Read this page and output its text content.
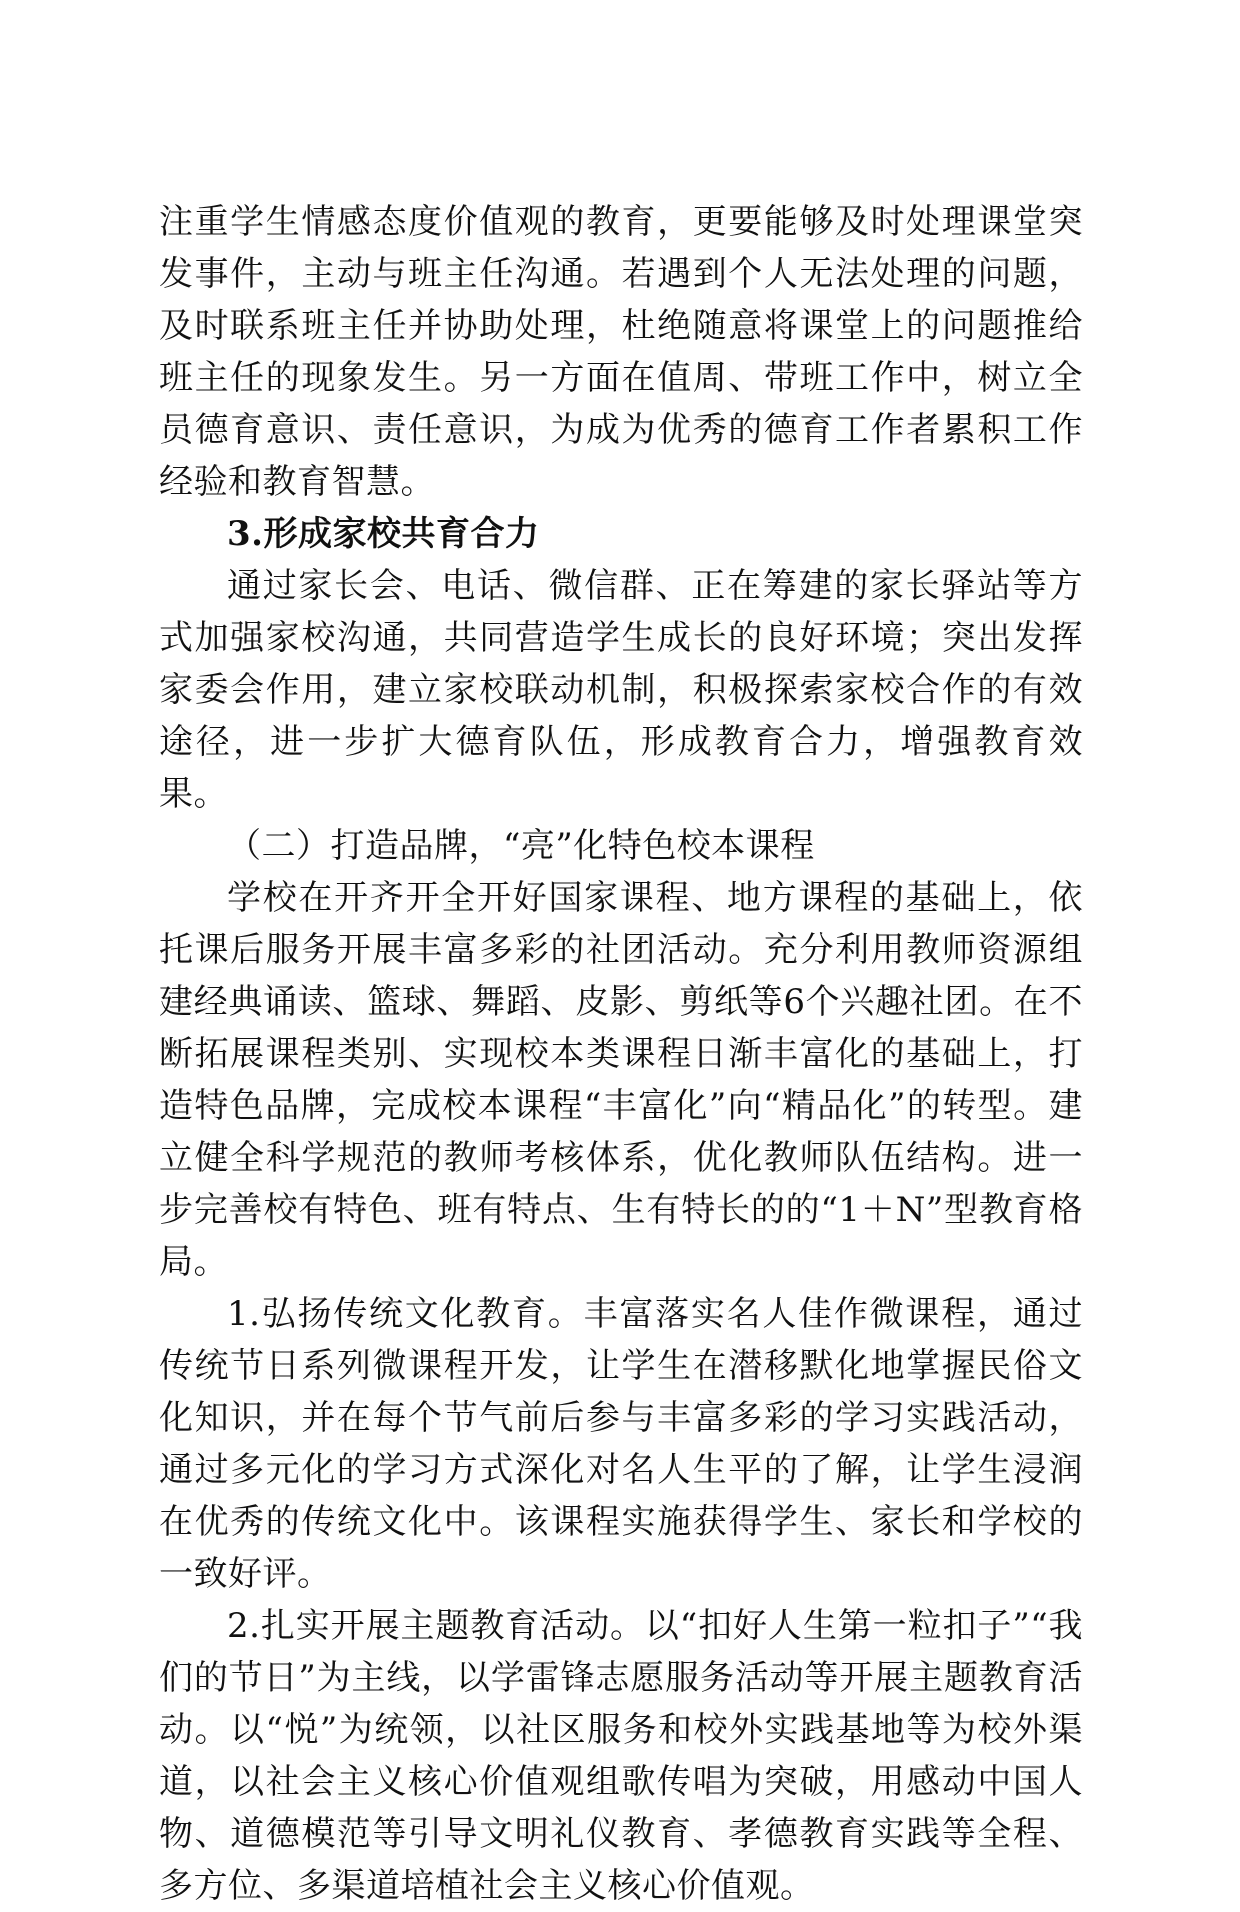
注重学生情感态度价值观的教育，更要能够及时处理课堂突发事件，主动与班主任沟通。若遇到个人无法处理的问题，及时联系班主任并协助处理，杜绝随意将课堂上的问题推给班主任的现象发生。另一方面在值周、带班工作中，树立全员德育意识、责任意识，为成为优秀的德育工作者累积工作经验和教育智慧。

3.形成家校共育合力

通过家长会、电话、微信群、正在筹建的家长驿站等方式加强家校沟通，共同营造学生成长的良好环境；突出发挥家委会作用，建立家校联动机制，积极探索家校合作的有效途径，进一步扩大德育队伍，形成教育合力，增强教育效果。

（二）打造品牌，“亮”化特色校本课程

学校在开齐开全开好国家课程、地方课程的基础上，依托课后服务开展丰富多彩的社团活动。充分利用教师资源组建经典诵读、篮球、舞蹈、皮影、剪纸等6个兴趣社团。在不断拓展课程类别、实现校本类课程日渐丰富化的基础上，打造特色品牌，完成校本课程“丰富化”向“精品化”的转型。建立健全科学规范的教师考核体系，优化教师队伍结构。进一步完善校有特色、班有特点、生有特长的的“1＋N”型教育格局。

1.弘扬传统文化教育。丰富落实名人佳作微课程，通过传统节日系列微课程开发，让学生在潜移默化地掌握民俗文化知识，并在每个节气前后参与丰富多彩的学习实践活动，通过多元化的学习方式深化对名人生平的了解，让学生浸润在优秀的传统文化中。该课程实施获得学生、家长和学校的一致好评。

2.扎实开展主题教育活动。以“扣好人生第一粒扣子”“我们的节日”为主线，以学雷锋志愿服务活动等开展主题教育活动。以“悦”为统领，以社区服务和校外实践基地等为校外渠道，以社会主义核心价值观组歌传唱为突破，用感动中国人物、道德模范等引导文明礼仪教育、孝德教育实践等全程、多方位、多渠道培植社会主义核心价值观。
